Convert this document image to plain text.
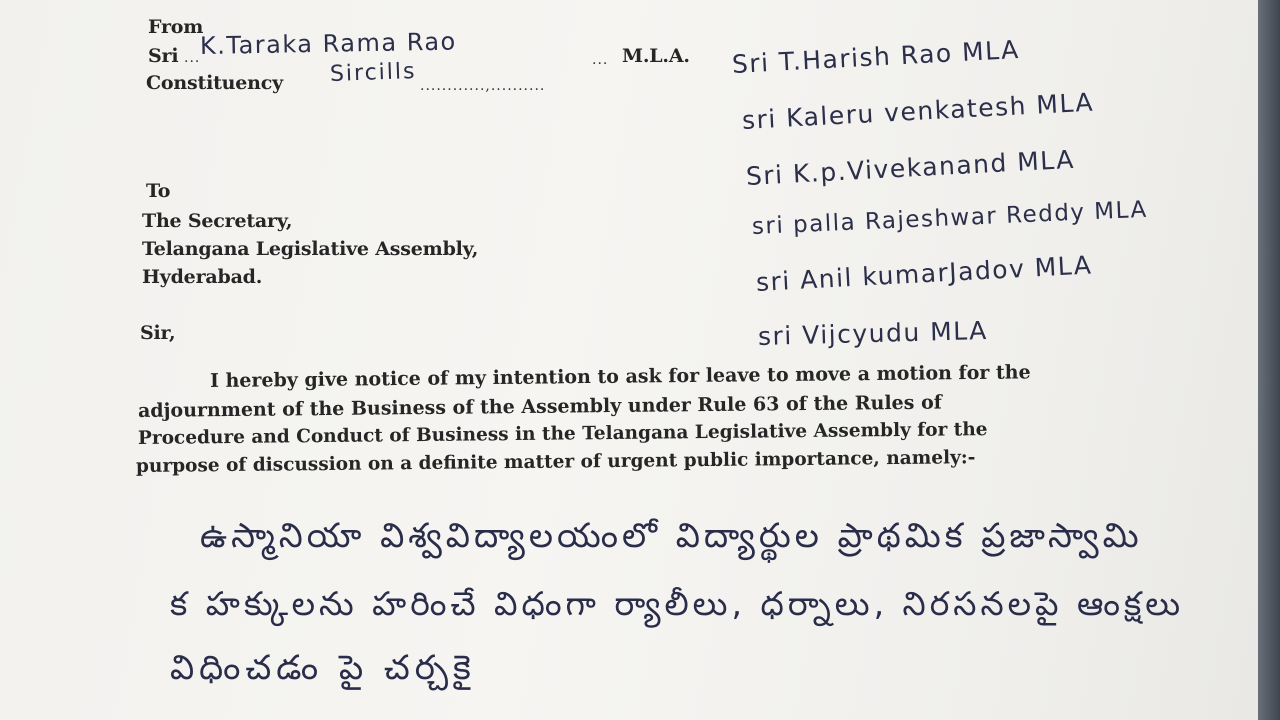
From
Sri ... K.Taraka Rama Rao
... M.L.A.
Constituency Sircills ............,..........
Sri T.Harish Rao MLA
sri Kaleru venkatesh MLA
Sri K.p.Vivekanand MLA
sri palla Rajeshwar Reddy MLA
sri Anil kumarJadov MLA
sri Vijcyudu MLA
To
The Secretary,
Telangana Legislative Assembly,
Hyderabad.
Sir,
I hereby give notice of my intention to ask for leave to move a motion for the
adjournment of the Business of the Assembly under Rule 63 of the Rules of
Procedure and Conduct of Business in the Telangana Legislative Assembly for the
purpose of discussion on a definite matter of urgent public importance, namely:-
ఉస్మానియా విశ్వవిద్యాలయంలో విద్యార్థుల ప్రాథమిక ప్రజాస్వామి
క హక్కులను హరించే విధంగా ర్యాలీలు, ధర్నాలు, నిరసనలపై ఆంక్షలు
విధించడం పై చర్చకై
